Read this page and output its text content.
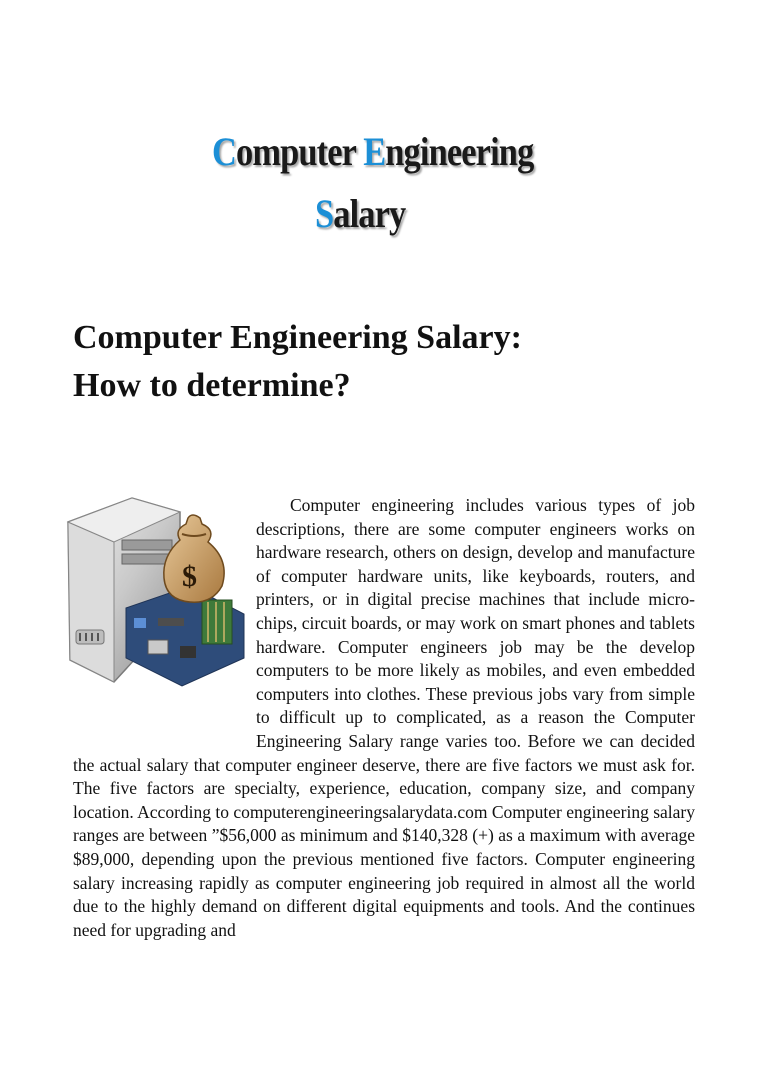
Computer Engineering
Salary
Computer Engineering Salary:
How to determine?
$

Computer engineering includes various types of job descriptions, there are some computer engineers works on hardware research, others on design, develop and manufacture of computer hardware units, like keyboards, routers, and printers, or in digital precise machines that include micro-chips, circuit boards, or may work on smart phones and tablets hardware. Computer engineers job may be the develop computers to be more likely as mobiles, and even embedded computers into clothes. These previous jobs vary from simple to difficult up to complicated, as a reason the Computer Engineering Salary range varies too. Before we can decided the actual salary that computer engineer deserve, there are five factors we must ask for. The five factors are specialty, experience, education, company size, and company location. According to computerengineeringsalarydata.com Computer engineering salary ranges are between ”$56,000 as minimum and $140,328 (+) as a maximum with average $89,000, depending upon the previous mentioned five factors. Computer engineering salary increasing rapidly as computer engineering job required in almost all the world due to the highly demand on different digital equipments and tools. And the continues need for upgrading and
